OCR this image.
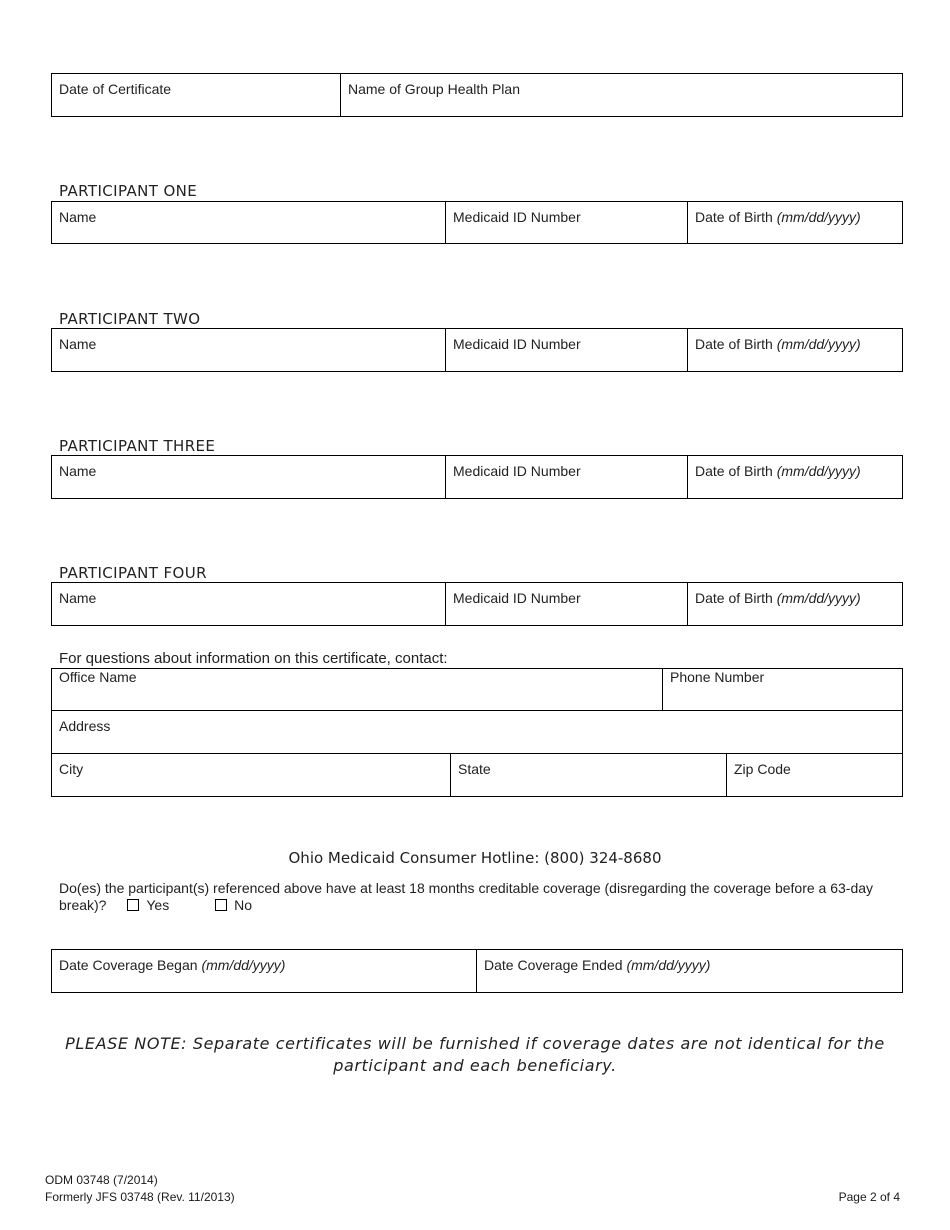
Date of Certificate	Name of Group Health Plan
PARTICIPANT ONE
Name	Medicaid ID Number	Date of Birth (mm/dd/yyyy)
PARTICIPANT TWO
Name	Medicaid ID Number	Date of Birth (mm/dd/yyyy)
PARTICIPANT THREE
Name	Medicaid ID Number	Date of Birth (mm/dd/yyyy)
PARTICIPANT FOUR
Name	Medicaid ID Number	Date of Birth (mm/dd/yyyy)
For questions about information on this certificate, contact:
Office Name	Phone Number
Address
City	State	Zip Code
Ohio Medicaid Consumer Hotline: (800) 324-8680
Do(es) the participant(s) referenced above have at least 18 months creditable coverage (disregarding the coverage before a 63-day
break)?	Yes	No
Date Coverage Began (mm/dd/yyyy)	Date Coverage Ended (mm/dd/yyyy)
PLEASE NOTE: Separate certificates will be furnished if coverage dates are not identical for the
participant and each beneficiary.
ODM 03748 (7/2014)
Formerly JFS 03748 (Rev. 11/2013)	Page 2 of 4
